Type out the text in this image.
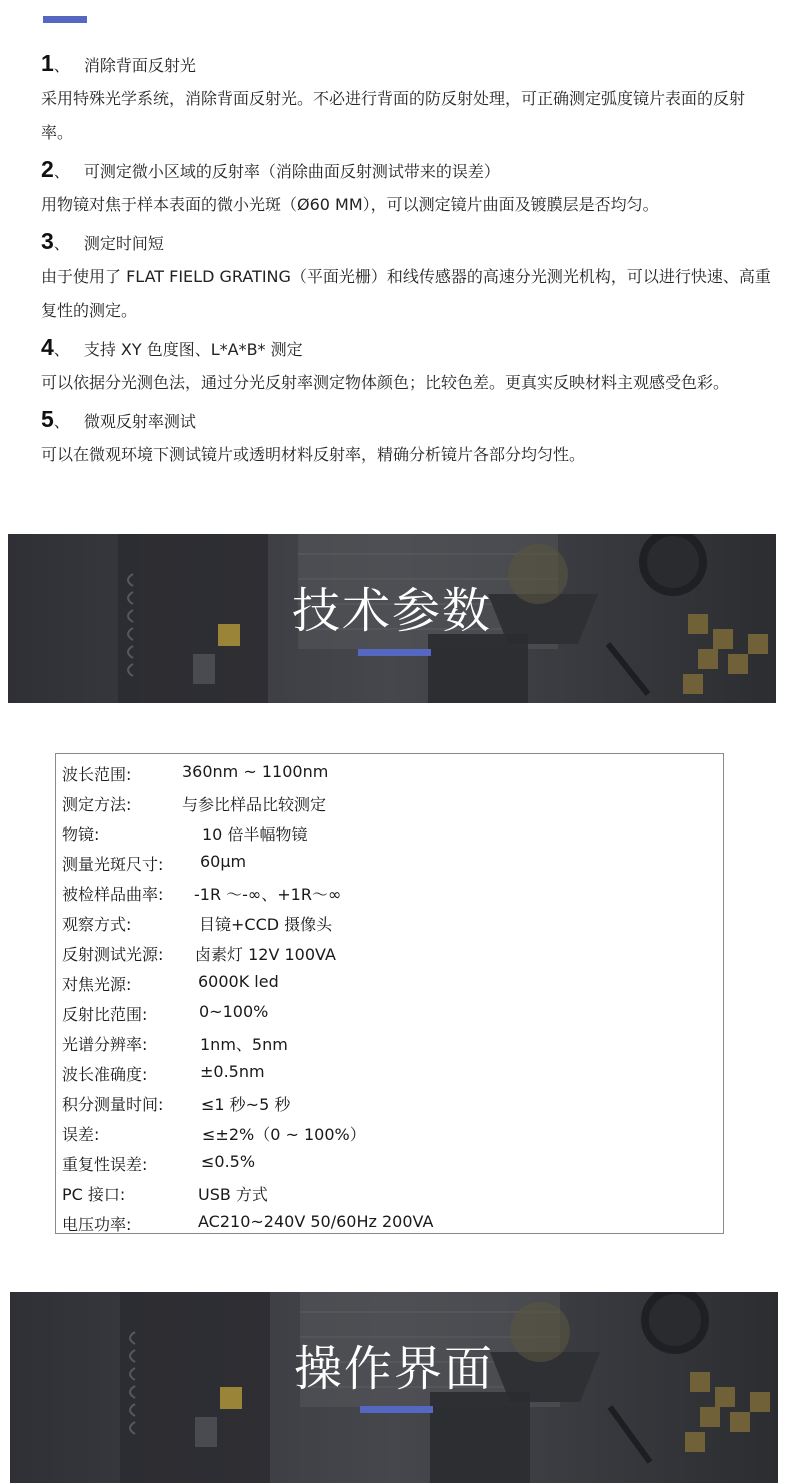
1 、 消除背面反射光
采用特殊光学系统，消除背面反射光。不必进行背面的防反射处理，可正确测定弧度镜片表面的反射率。
2 、 可测定微小区域的反射率（消除曲面反射测试带来的误差）
用物镜对焦于样本表面的微小光斑（Ø60 MM），可以测定镜片曲面及镀膜层是否均匀。
3 、 测定时间短
由于使用了 FLAT FIELD GRATING（平面光栅）和线传感器的高速分光测光机构，可以进行快速、高重复性的测定。
4 、 支持 XY 色度图、L*A*B* 测定
可以依据分光测色法，通过分光反射率测定物体颜色；比较色差。更真实反映材料主观感受色彩。
5 、 微观反射率测试
可以在微观环境下测试镜片或透明材料反射率，精确分析镜片各部分均匀性。
技术参数
波长范围:	360nm ~ 1100nm
测定方法:	与参比样品比较测定
物镜:	10 倍半幅物镜
测量光斑尺寸: 60μm
被检样品曲率: -1R ～-∞、+1R～∞
观察方式:	目镜+CCD 摄像头
反射测试光源: 卤素灯 12V 100VA
对焦光源:	6000K led
反射比范围:	0~100%
光谱分辨率:	1nm、5nm
波长准确度:	±0.5nm
积分测量时间: ≤1 秒~5 秒
误差:	≤±2%（0 ~ 100%）
重复性误差:	≤0.5%
PC 接口:	USB 方式
电压功率:	AC210~240V 50/60Hz 200VA
操作界面
